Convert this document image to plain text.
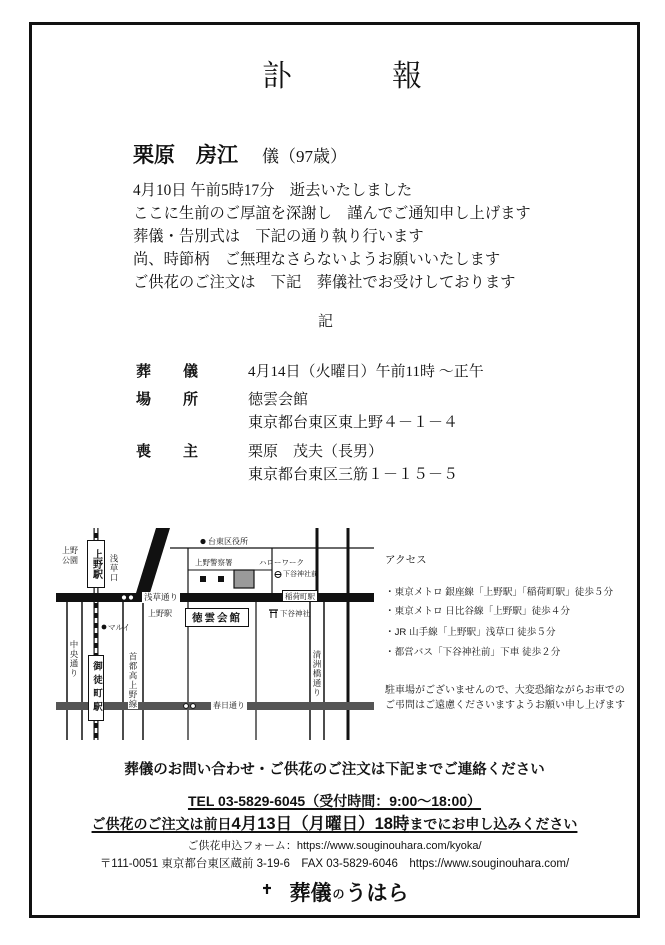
訃報
栗原　房江 儀（97歳）
4月10日 午前5時17分　逝去いたしました
ここに生前のご厚誼を深謝し　謹んでご通知申し上げます
葬儀・告別式は　下記の通り執り行います
尚、時節柄　ご無理なさらないようお願いいたします
ご供花のご注文は　下記　葬儀社でお受けしております
記
葬儀 4月14日（火曜日）午前11時 ～正午
場所 徳雲会館
東京都台東区東上野４－１－４
喪主 栗原　茂夫（長男）
東京都台東区三筋１－１５－５
上野公園 上野駅 浅草口
台東区役所
上野警察署	ハローワーク
下谷神社前
浅草通り	稲荷町駅
上野駅 徳雲会館	下谷神社
マルイ
中央通り	首都高上野線	清洲橋通り
御徒町駅	春日通り
アクセス
・東京メトロ 銀座線「上野駅」「稲荷町駅」徒歩５分
・東京メトロ 日比谷線「上野駅」徒歩４分
・JR 山手線「上野駅」浅草口 徒歩５分
・都営バス「下谷神社前」下車 徒歩２分
駐車場がございませんので、大変恐縮ながらお車での
ご弔問はご遠慮くださいますようお願い申し上げます
葬儀のお問い合わせ・ご供花のご注文は下記までご連絡ください
TEL 03-5829-6045（受付時間：9:00～18:00）
ご供花のご注文は前日4月13日（月曜日）18時までにお申し込みください
ご供花申込フォーム：https://www.souginouhara.com/kyoka/
〒111-0051 東京都台東区蔵前 3-19-6　FAX 03-5829-6046　https://www.souginouhara.com/
葬儀 の うはら
